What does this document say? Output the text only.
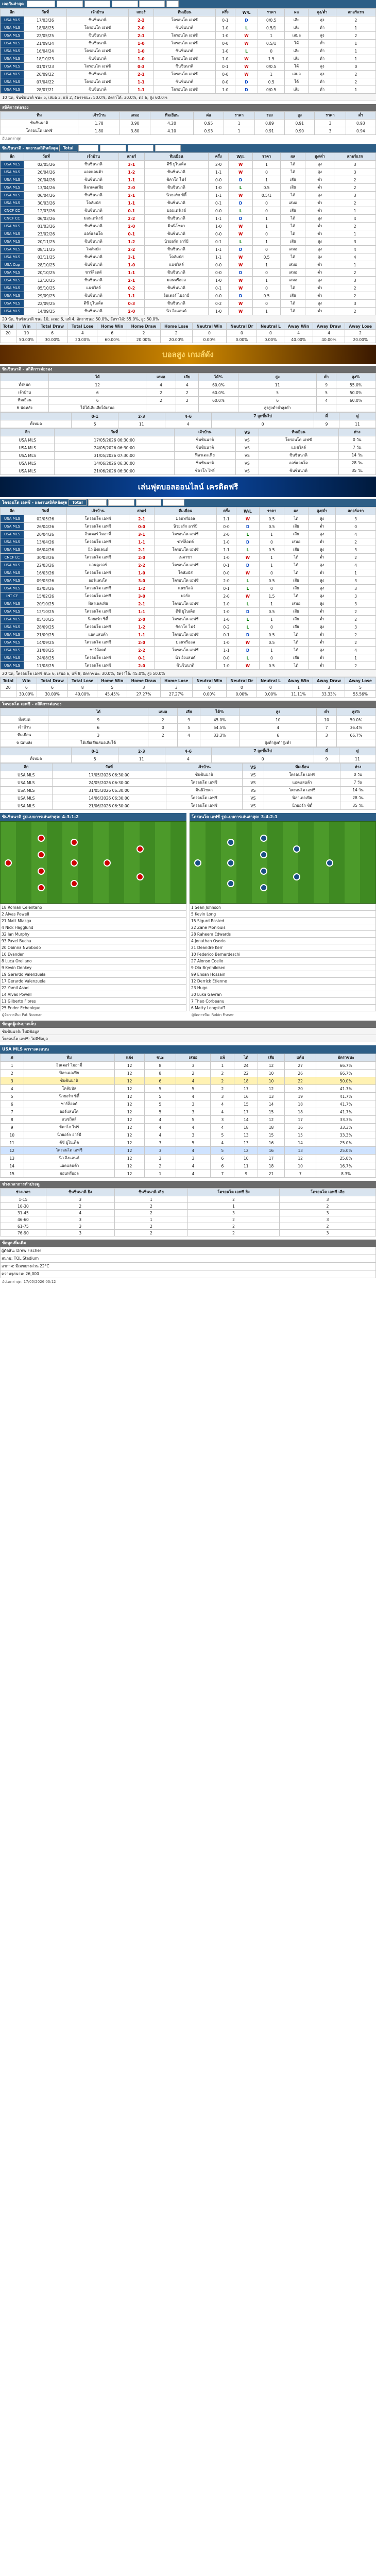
เจอกันล่าสุด แสดงทั้งหมด USA MLS USA Cup USA BDL CNCF LC 10
ลีก	วันที่	เจ้าบ้าน	สกอร์	ทีมเยือน	ครึ่ง	W/L	ราคา	ผล	สูง/ต่ำ	สกอร์แรก
USA MLS	17/03/26	ซินซินนาติ	2-2	โตรอนโต เอฟซี	0-1	D	0/0.5	เสีย	สูง	2
USA MLS	18/08/25	โตรอนโต เอฟซี	2-0	ซินซินนาติ	1-0	L	0.5/1	เสีย	ต่ำ	1
USA MLS	22/05/25	ซินซินนาติ	2-1	โตรอนโต เอฟซี	1-0	W	1	เสมอ	สูง	2
USA MLS	21/09/24	ซินซินนาติ	1-0	โตรอนโต เอฟซี	0-0	W	0.5/1	ได้	ต่ำ	1
USA MLS	16/04/24	โตรอนโต เอฟซี	1-0	ซินซินนาติ	1-0	L	0	เสีย	ต่ำ	1
USA MLS	18/10/23	ซินซินนาติ	1-0	โตรอนโต เอฟซี	1-0	W	1.5	เสีย	ต่ำ	1
USA MLS	01/07/23	โตรอนโต เอฟซี	0-3	ซินซินนาติ	0-1	W	0/0.5	ได้	สูง	0
USA MLS	26/09/22	ซินซินนาติ	2-1	โตรอนโต เอฟซี	0-0	W	1	เสมอ	สูง	2
USA MLS	07/04/22	โตรอนโต เอฟซี	1-1	ซินซินนาติ	0-0	D	0.5	ได้	ต่ำ	2
USA MLS	28/07/21	ซินซินนาติ	1-1	โตรอนโต เอฟซี	1-0	D	0/0.5	เสีย	ต่ำ	1
10 นัด, ซินซินนาติ ชนะ 5, เสมอ 3, แพ้ 2, อัตราชนะ: 50.0%, อัตราได้: 30.0%, ต่อ 6, สูง 60.0%
สถิติการต่อรอง
ทีม	เจ้าบ้าน	เสมอ	ทีมเยือน	ต่อ	ราคา	รอง	สูง	ราคา	ต่ำ
ซินซินนาติ	1.78	3.90	4.20	0.95	1	0.89	0.91	3	0.93
โตรอนโต เอฟซี	1.80	3.80	4.10	0.93	1	0.91	0.90	3	0.94
อัปเดตล่าสุด
ซินซินนาติ - ผลงานสถิติหลังสุด Total Home USA MLS CNCF CC USA Cup
ลีก	วันที่	เจ้าบ้าน	สกอร์	ทีมเยือน	ครึ่ง	W/L	ราคา	ผล	สูง/ต่ำ	สกอร์แรก
USA MLS	02/05/26	ซินซินนาติ	3-1	ดีซี ยูไนเต็ด	2-0	W	1	ได้	สูง	3
USA MLS	26/04/26	แอตแลนต้า	1-2	ซินซินนาติ	1-1	W	0	ได้	สูง	3
USA MLS	20/04/26	ซินซินนาติ	1-1	ชิคาโก ไฟร์	0-0	D	1	เสีย	ต่ำ	2
USA MLS	13/04/26	ฟิลาเดลเฟีย	2-0	ซินซินนาติ	1-0	L	0.5	เสีย	ต่ำ	2
USA MLS	06/04/26	ซินซินนาติ	2-1	นิวยอร์ก ซิตี้	1-1	W	0.5/1	ได้	สูง	3
USA MLS	30/03/26	โคลัมบัส	1-1	ซินซินนาติ	0-1	D	0	เสมอ	ต่ำ	2
CNCF CC	12/03/26	ซินซินนาติ	0-1	มอนเตร์เรย์	0-0	L	0	เสีย	ต่ำ	1
CNCF CC	06/03/26	มอนเตร์เรย์	2-2	ซินซินนาติ	1-1	D	1	ได้	สูง	4
USA MLS	01/03/26	ซินซินนาติ	2-0	มินนิโซตา	1-0	W	1	ได้	ต่ำ	2
USA MLS	23/02/26	ออร์แลนโด	0-1	ซินซินนาติ	0-0	W	0	ได้	ต่ำ	1
USA MLS	20/11/25	ซินซินนาติ	1-2	นิวยอร์ก อาร์บี	0-1	L	1	เสีย	สูง	3
USA MLS	08/11/25	โคลัมบัส	2-2	ซินซินนาติ	1-1	D	0	เสมอ	สูง	4
USA MLS	03/11/25	ซินซินนาติ	3-1	โคลัมบัส	1-1	W	0.5	ได้	สูง	4
USA Cup	28/10/25	ซินซินนาติ	1-0	แนชวิลล์	0-0	W	1	เสมอ	ต่ำ	1
USA MLS	20/10/25	ชาร์ล็อตต์	1-1	ซินซินนาติ	0-0	D	0	เสมอ	ต่ำ	2
USA MLS	12/10/25	ซินซินนาติ	2-1	มอนทรีออล	1-0	W	1	เสมอ	สูง	3
USA MLS	05/10/25	แนชวิลล์	0-2	ซินซินนาติ	0-1	W	0	ได้	ต่ำ	2
USA MLS	29/09/25	ซินซินนาติ	1-1	อินเตอร์ ไมอามี่	0-0	D	0.5	เสีย	ต่ำ	2
USA MLS	22/09/25	ดีซี ยูไนเต็ด	0-3	ซินซินนาติ	0-2	W	0	ได้	สูง	3
USA MLS	14/09/25	ซินซินนาติ	2-0	นิว อิงแลนด์	1-0	W	1	ได้	ต่ำ	2
20 นัด, ซินซินนาติ ชนะ 10, เสมอ 6, แพ้ 4, อัตราชนะ: 50.0%, อัตราได้: 55.0%, สูง 50.0%
Total	Win	Total Draw	Total Lose	Home Win	Home Draw	Home Lose	Neutral Win	Neutral Dr	Neutral L	Away Win	Away Draw	Away Lose
20	10	6	4	6	2	2	0	0	0	4	4	2
	50.00%	30.00%	20.00%	60.00%	20.00%	20.00%	0.00%	0.00%	0.00%	40.00%	40.00%	20.00%
บอลสูง เกมส์ดัง
ซินซินนาติ - สถิติการต่อรอง
	ได้	เสมอ	เสีย	ได้%	สูง	ต่ำ	สูง%
ทั้งหมด	12	4	4	60.0%	11	9	55.0%
เจ้าบ้าน	6	2	2	60.0%	5	5	50.0%
ทีมเยือน	6	2	2	60.0%	6	4	60.0%
6 นัดหลัง	ได้ได้เสียเสียได้เสมอ				สูงสูงต่ำต่ำสูงต่ำ		
	0-1	2-3	4-6	7 ลูกขึ้นไป	คี่	คู่
ทั้งหมด	5	11	4	0	9	11
ลีก	วันที่	เจ้าบ้าน	VS	ทีมเยือน	ห่าง
USA MLS	17/05/2026 06:30:00	ซินซินนาติ	VS	โตรอนโต เอฟซี	0 วัน
USA MLS	24/05/2026 06:30:00	ซินซินนาติ	VS	แนชวิลล์	7 วัน
USA MLS	31/05/2026 07:30:00	ฟิลาเดลเฟีย	VS	ซินซินนาติ	14 วัน
USA MLS	14/06/2026 06:30:00	ซินซินนาติ	VS	ออร์แลนโด	28 วัน
USA MLS	21/06/2026 06:30:00	ชิคาโก ไฟร์	VS	ซินซินนาติ	35 วัน
เล่นฟุตบอลออนไลน์ เครดิตฟรี
โตรอนโต เอฟซี - ผลงานสถิติหลังสุด Total Away USA MLS CNCF LC INT CF
ลีก	วันที่	เจ้าบ้าน	สกอร์	ทีมเยือน	ครึ่ง	W/L	ราคา	ผล	สูง/ต่ำ	สกอร์แรก
USA MLS	02/05/26	โตรอนโต เอฟซี	2-1	มอนทรีออล	1-1	W	0.5	ได้	สูง	3
USA MLS	26/04/26	โตรอนโต เอฟซี	0-0	นิวยอร์ก อาร์บี	0-0	D	0.5	เสีย	ต่ำ	0
USA MLS	20/04/26	อินเตอร์ ไมอามี่	3-1	โตรอนโต เอฟซี	2-0	L	1	เสีย	สูง	4
USA MLS	13/04/26	โตรอนโต เอฟซี	1-1	ชาร์ล็อตต์	1-0	D	0	เสมอ	ต่ำ	2
USA MLS	06/04/26	นิว อิงแลนด์	2-1	โตรอนโต เอฟซี	1-1	L	0.5	เสีย	สูง	3
CNCF LC	30/03/26	โตรอนโต เอฟซี	2-0	เนคาซา	1-0	W	1	ได้	ต่ำ	2
USA MLS	22/03/26	แวนคูเวอร์	2-2	โตรอนโต เอฟซี	0-1	D	1	ได้	สูง	4
USA MLS	16/03/26	โตรอนโต เอฟซี	1-0	โคลัมบัส	0-0	W	0	ได้	ต่ำ	1
USA MLS	09/03/26	ออร์แลนโด	3-0	โตรอนโต เอฟซี	2-0	L	0.5	เสีย	สูง	3
USA MLS	02/03/26	โตรอนโต เอฟซี	1-2	แนชวิลล์	0-1	L	0	เสีย	สูง	3
INT CF	15/02/26	โตรอนโต เอฟซี	3-0	ฟอร์จ	2-0	W	1.5	ได้	สูง	3
USA MLS	20/10/25	ฟิลาเดลเฟีย	2-1	โตรอนโต เอฟซี	1-0	L	1	เสมอ	สูง	3
USA MLS	12/10/25	โตรอนโต เอฟซี	1-1	ดีซี ยูไนเต็ด	1-0	D	0.5	เสีย	ต่ำ	2
USA MLS	05/10/25	นิวยอร์ก ซิตี้	2-0	โตรอนโต เอฟซี	1-0	L	1	เสีย	ต่ำ	2
USA MLS	28/09/25	โตรอนโต เอฟซี	1-2	ชิคาโก ไฟร์	0-2	L	0	เสีย	สูง	3
USA MLS	21/09/25	แอตแลนต้า	1-1	โตรอนโต เอฟซี	0-1	D	0.5	ได้	ต่ำ	2
USA MLS	14/09/25	โตรอนโต เอฟซี	2-0	มอนทรีออล	1-0	W	0.5	ได้	ต่ำ	2
USA MLS	31/08/25	ชาร์ล็อตต์	2-2	โตรอนโต เอฟซี	1-1	D	1	ได้	สูง	4
USA MLS	24/08/25	โตรอนโต เอฟซี	0-1	นิว อิงแลนด์	0-0	L	0	เสีย	ต่ำ	1
USA MLS	17/08/25	โตรอนโต เอฟซี	2-0	ซินซินนาติ	1-0	W	0.5	ได้	ต่ำ	2
20 นัด, โตรอนโต เอฟซี ชนะ 6, เสมอ 6, แพ้ 8, อัตราชนะ: 30.0%, อัตราได้: 45.0%, สูง 50.0%
Total	Win	Total Draw	Total Lose	Home Win	Home Draw	Home Lose	Neutral Win	Neutral Dr	Neutral L	Away Win	Away Draw	Away Lose
20	6	6	8	5	3	3	0	0	0	1	3	5
	30.00%	30.00%	40.00%	45.45%	27.27%	27.27%	0.00%	0.00%	0.00%	11.11%	33.33%	55.56%
โตรอนโต เอฟซี - สถิติการต่อรอง
	ได้	เสมอ	เสีย	ได้%	สูง	ต่ำ	สูง%
ทั้งหมด	9	2	9	45.0%	10	10	50.0%
เจ้าบ้าน	6	0	5	54.5%	4	7	36.4%
ทีมเยือน	3	2	4	33.3%	6	3	66.7%
6 นัดหลัง	ได้เสียเสียเสมอเสียได้				สูงต่ำสูงต่ำสูงต่ำ		
	0-1	2-3	4-6	7 ลูกขึ้นไป	คี่	คู่
ทั้งหมด	5	11	4	0	9	11
ลีก	วันที่	เจ้าบ้าน	VS	ทีมเยือน	ห่าง
USA MLS	17/05/2026 06:30:00	ซินซินนาติ	VS	โตรอนโต เอฟซี	0 วัน
USA MLS	24/05/2026 06:30:00	โตรอนโต เอฟซี	VS	แอตแลนต้า	7 วัน
USA MLS	31/05/2026 06:30:00	มินนิโซตา	VS	โตรอนโต เอฟซี	14 วัน
USA MLS	14/06/2026 06:30:00	โตรอนโต เอฟซี	VS	ฟิลาเดลเฟีย	28 วัน
USA MLS	21/06/2026 06:30:00	โตรอนโต เอฟซี	VS	นิวยอร์ก ซิตี้	35 วัน
ซินซินนาติ รูปแบบการเล่นล่าสุด: 4-3-1-2	โตรอนโต เอฟซี รูปแบบการเล่นล่าสุด: 3-4-2-1
18 Roman Celentano
2 Alvas Powell
21 Matt Miazga
4 Nick Hagglund
32 Ian Murphy
93 Pavel Bucha
20 Obinna Nwobodo
10 Evander
8 Luca Orellano
9 Kevin Denkey
19 Gerardo Valenzuela
17 Gerardo Valenzuela
22 Yamil Asad
14 Alvas Powell
11 Gilberto Flores
25 Ender Echenique
ผู้จัดการทีม: Pat Noonan
1 Sean Johnson
5 Kevin Long
15 Sigurd Rosted
22 Zane Monlouis
28 Raheem Edwards
4 Jonathan Osorio
21 Deandre Kerr
10 Federico Bernardeschi
27 Alonso Coello
9 Ola Brynhildsen
99 Ehsan Hossain
12 Derrick Etienne
23 Hugo
30 Luka Gavran
7 Theo Corbeanu
6 Matty Longstaff
ผู้จัดการทีม: Robin Fraser
ข้อมูลผู้เล่นบาดเจ็บ
ซินซินนาติ: ไม่มีข้อมูล
โตรอนโต เอฟซี: ไม่มีข้อมูล
USA MLS ตารางคะแนน
#	ทีม	แข่ง	ชนะ	เสมอ	แพ้	ได้	เสีย	แต้ม	อัตราชนะ
1	อินเตอร์ ไมอามี่	12	8	3	1	24	12	27	66.7%
2	ฟิลาเดลเฟีย	12	8	2	2	22	10	26	66.7%
3	ซินซินนาติ	12	6	4	2	18	10	22	50.0%
4	โคลัมบัส	12	5	5	2	17	12	20	41.7%
5	นิวยอร์ก ซิตี้	12	5	4	3	16	13	19	41.7%
6	ชาร์ล็อตต์	12	5	3	4	15	14	18	41.7%
7	ออร์แลนโด	12	5	3	4	17	15	18	41.7%
8	แนชวิลล์	12	4	5	3	14	12	17	33.3%
9	ชิคาโก ไฟร์	12	4	4	4	18	18	16	33.3%
10	นิวยอร์ก อาร์บี	12	4	3	5	13	15	15	33.3%
11	ดีซี ยูไนเต็ด	12	3	5	4	13	16	14	25.0%
12	โตรอนโต เอฟซี	12	3	4	5	12	16	13	25.0%
13	นิว อิงแลนด์	12	3	3	6	10	17	12	25.0%
14	แอตแลนต้า	12	2	4	6	11	18	10	16.7%
15	มอนทรีออล	12	1	4	7	9	21	7	8.3%
ช่วงเวลาการทำประตู
ช่วงเวลา	ซินซินนาติ ยิง	ซินซินนาติ เสีย	โตรอนโต เอฟซี ยิง	โตรอนโต เอฟซี เสีย
1-15	3	1	2	3
16-30	2	2	1	2
31-45	4	2	3	3
46-60	3	1	2	3
61-75	3	2	2	2
76-90	3	2	2	3
ข้อมูลเพิ่มเติม
ผู้ตัดสิน: Drew Fischer
สนาม: TQL Stadium
อากาศ: มีเมฆบางส่วน 22°C
ความจุสนาม: 26,000
อัปเดตล่าสุด: 17/05/2026 03:12
